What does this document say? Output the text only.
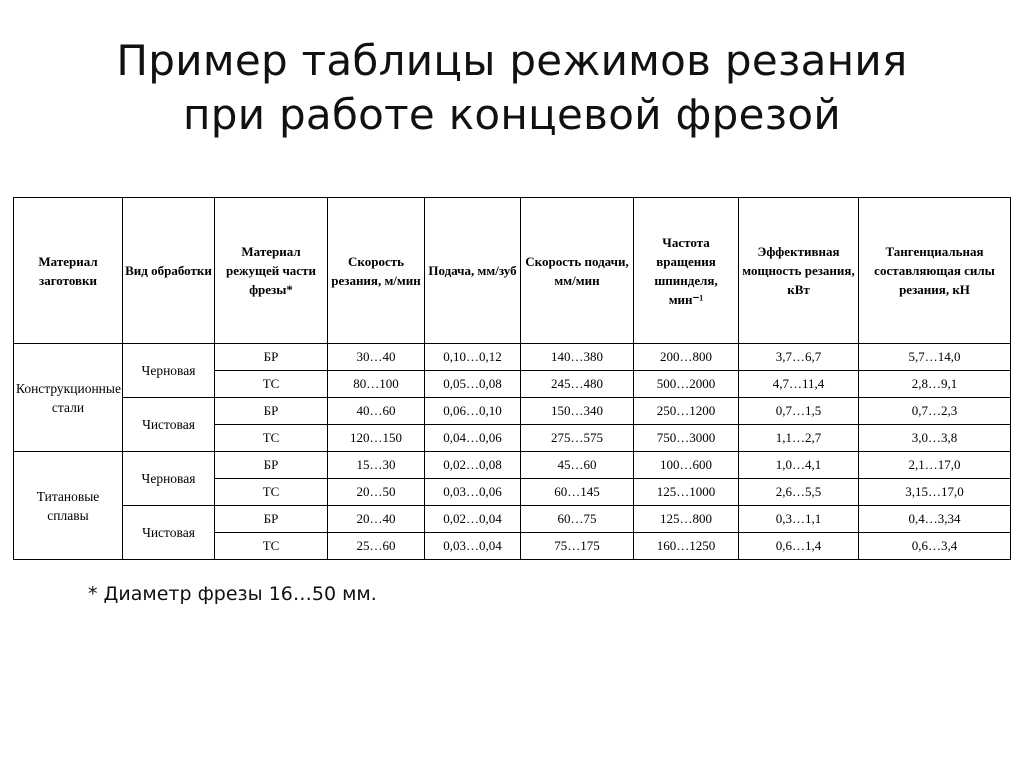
Пример таблицы режимов резания
при работе концевой фрезой
Материал заготовки	Вид обработки	Материал режущей части фрезы*	Скорость резания, м/мин	Подача, мм/зуб	Скорость подачи, мм/мин	Частота вращения шпинделя, мин⁻¹	Эффективная мощность резания, кВт	Тангенциальная составляющая силы резания, кН
Конструкционные стали	Черновая	БР	30…40	0,10…0,12	140…380	200…800	3,7…6,7	5,7…14,0
		ТС	80…100	0,05…0,08	245…480	500…2000	4,7…11,4	2,8…9,1
	Чистовая	БР	40…60	0,06…0,10	150…340	250…1200	0,7…1,5	0,7…2,3
		ТС	120…150	0,04…0,06	275…575	750…3000	1,1…2,7	3,0…3,8
Титановые сплавы	Черновая	БР	15…30	0,02…0,08	45…60	100…600	1,0…4,1	2,1…17,0
		ТС	20…50	0,03…0,06	60…145	125…1000	2,6…5,5	3,15…17,0
	Чистовая	БР	20…40	0,02…0,04	60…75	125…800	0,3…1,1	0,4…3,34
		ТС	25…60	0,03…0,04	75…175	160…1250	0,6…1,4	0,6…3,4
* Диаметр фрезы 16…50 мм.
